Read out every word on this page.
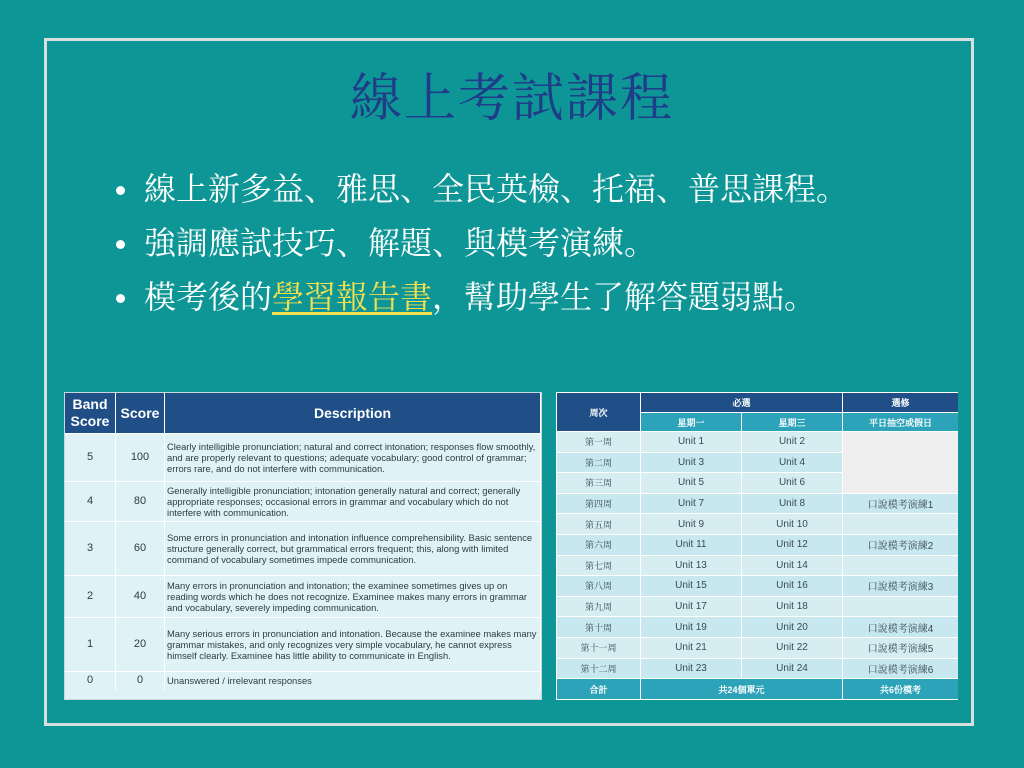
線上考試課程
線上新多益、雅思、全民英檢、托福、普思課程。
強調應試技巧、解題、與模考演練。
模考後的學習報告書，幫助學生了解答題弱點。
Band Score	Score	Description
5	100	Clearly intelligible pronunciation; natural and correct intonation; responses flow smoothly, and are properly relevant to questions; adequate vocabulary; good control of grammar; errors rare, and do not interfere with communication.
4	80	Generally intelligible pronunciation; intonation generally natural and correct; generally appropriate responses; occasional errors in grammar and vocabulary which do not interfere with communication.
3	60	Some errors in pronunciation and intonation influence comprehensibility. Basic sentence structure generally correct, but grammatical errors frequent; this, along with limited command of vocabulary sometimes impede communication.
2	40	Many errors in pronunciation and intonation; the examinee sometimes gives up on reading words which he does not recognize. Examinee makes many errors in grammar and vocabulary, severely impeding communication.
1	20	Many serious errors in pronunciation and intonation. Because the examinee makes many grammar mistakes, and only recognizes very simple vocabulary, he cannot express himself clearly. Examinee has little ability to communicate in English.
0	0	Unanswered / irrelevant responses
周次	必選		選修
	星期一	星期三	平日抽空或假日
第一周	Unit 1	Unit 2	
第二周	Unit 3	Unit 4	
第三周	Unit 5	Unit 6	
第四周	Unit 7	Unit 8	口說模考演練1
第五周	Unit 9	Unit 10	
第六周	Unit 11	Unit 12	口說模考演練2
第七周	Unit 13	Unit 14	
第八周	Unit 15	Unit 16	口說模考演練3
第九周	Unit 17	Unit 18	
第十周	Unit 19	Unit 20	口說模考演練4
第十一周	Unit 21	Unit 22	口說模考演練5
第十二周	Unit 23	Unit 24	口說模考演練6
合計	共24個單元		共6份模考
